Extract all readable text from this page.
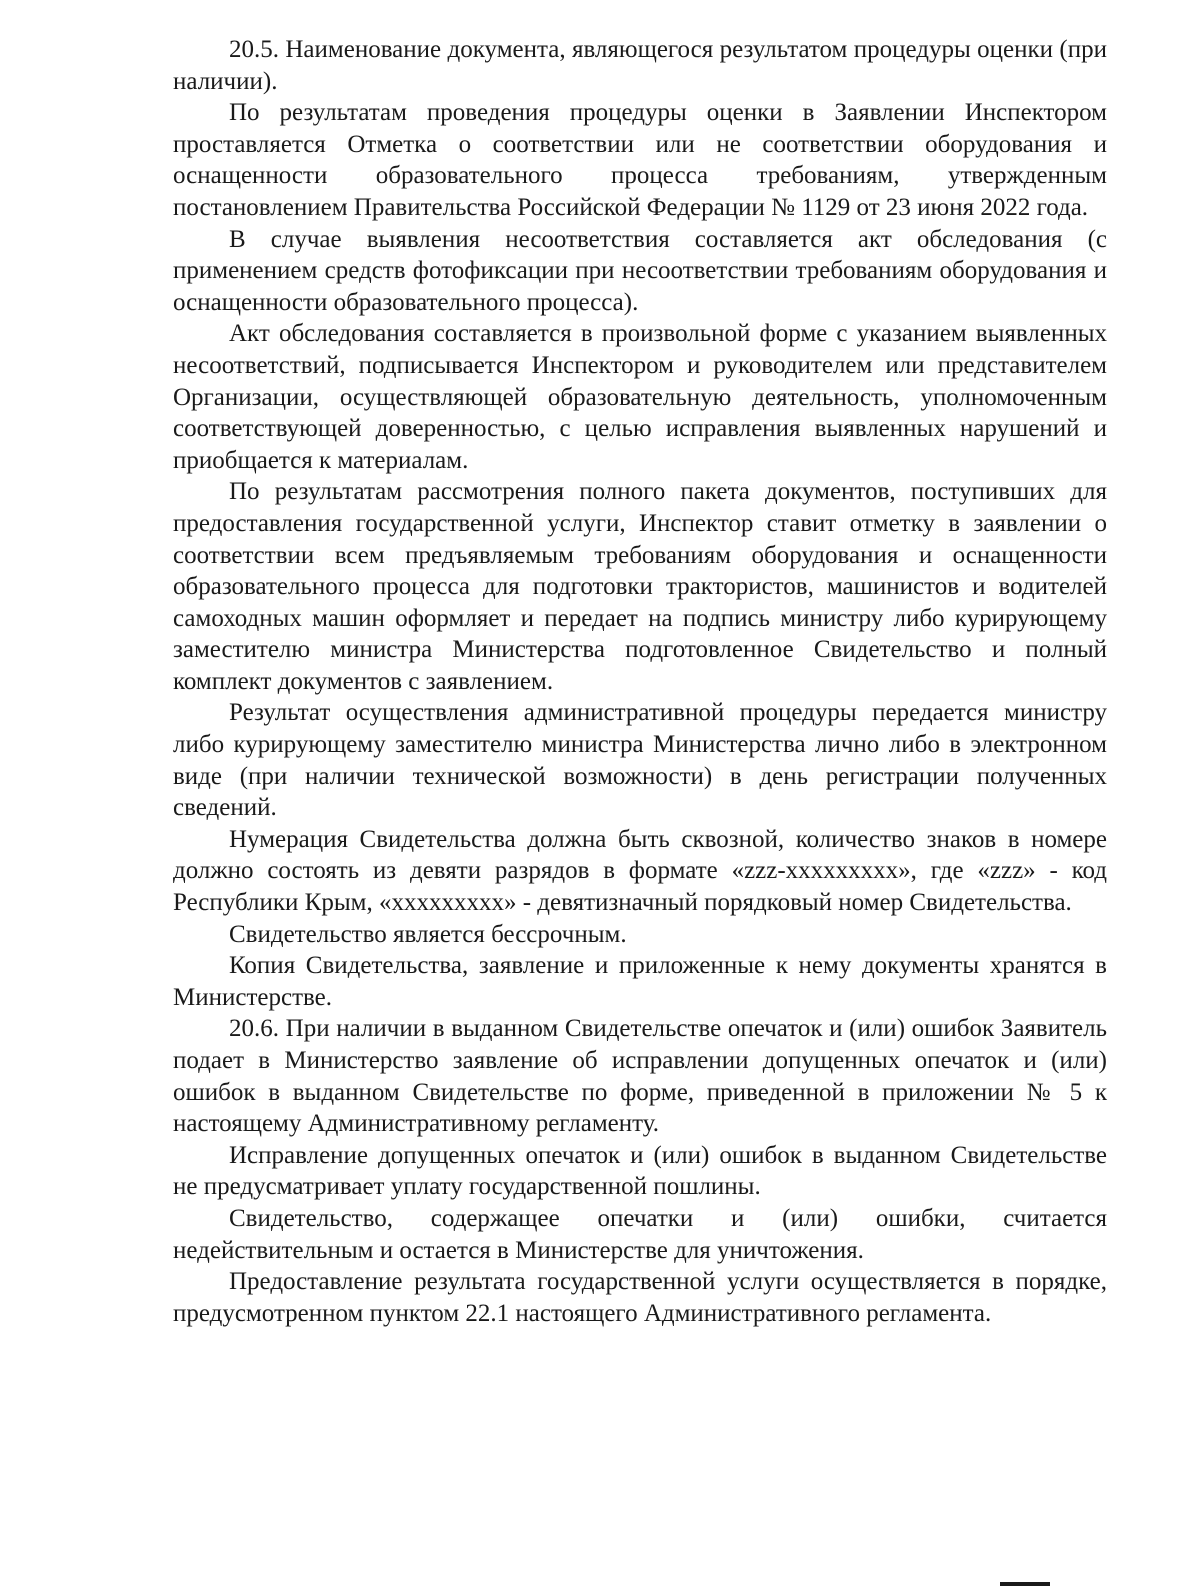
20.5. Наименование документа, являющегося результатом процедуры оценки (при наличии).

По результатам проведения процедуры оценки в Заявлении Инспектором проставляется Отметка о соответствии или не соответствии оборудования и оснащенности образовательного процесса требованиям, утвержденным постановлением Правительства Российской Федерации № 1129 от 23 июня 2022 года.

В случае выявления несоответствия составляется акт обследования (с применением средств фотофиксации при несоответствии требованиям оборудования и оснащенности образовательного процесса).

Акт обследования составляется в произвольной форме с указанием выявленных несоответствий, подписывается Инспектором и руководителем или представителем Организации, осуществляющей образовательную деятельность, уполномоченным соответствующей доверенностью, с целью исправления выявленных нарушений и приобщается к материалам.

По результатам рассмотрения полного пакета документов, поступивших для предоставления государственной услуги, Инспектор ставит отметку в заявлении о соответствии всем предъявляемым требованиям оборудования и оснащенности образовательного процесса для подготовки трактористов, машинистов и водителей самоходных машин оформляет и передает на подпись министру либо курирующему заместителю министра Министерства подготовленное Свидетельство и полный комплект документов с заявлением.

Результат осуществления административной процедуры передается министру либо курирующему заместителю министра Министерства лично либо в электронном виде (при наличии технической возможности) в день регистрации полученных сведений.

Нумерация Свидетельства должна быть сквозной, количество знаков в номере должно состоять из девяти разрядов в формате «zzz-xxxxxxxxx», где «zzz» - код Республики Крым, «xxxxxxxxx» - девятизначный порядковый номер Свидетельства.

Свидетельство является бессрочным.

Копия Свидетельства, заявление и приложенные к нему документы хранятся в Министерстве.

20.6. При наличии в выданном Свидетельстве опечаток и (или) ошибок Заявитель подает в Министерство заявление об исправлении допущенных опечаток и (или) ошибок в выданном Свидетельстве по форме, приведенной в приложении № 5 к настоящему Административному регламенту.

Исправление допущенных опечаток и (или) ошибок в выданном Свидетельстве не предусматривает уплату государственной пошлины.

Свидетельство, содержащее опечатки и (или) ошибки, считается недействительным и остается в Министерстве для уничтожения.

Предоставление результата государственной услуги осуществляется в порядке, предусмотренном пунктом 22.1 настоящего Административного регламента.
